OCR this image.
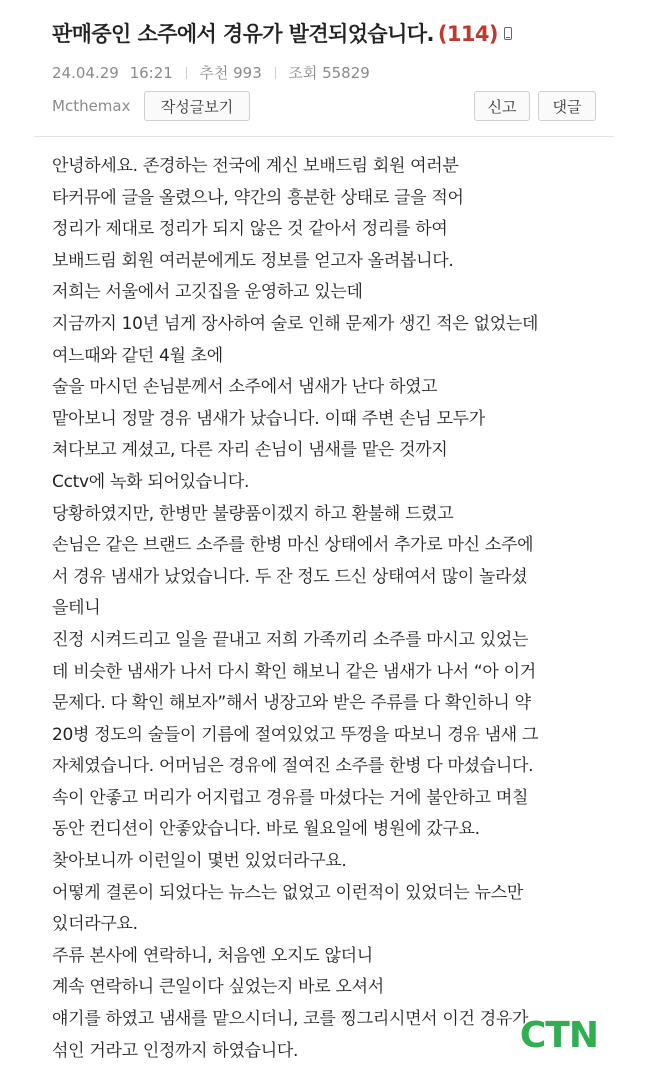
판매중인 소주에서 경유가 발견되었습니다. (114)
24.04.29 16:21 추천 993 조회 55829
Mcthemax	작성글보기	신고	댓글
안녕하세요. 존경하는 전국에 계신 보배드림 회원 여러분
타커뮤에 글을 올렸으나, 약간의 흥분한 상태로 글을 적어
정리가 제대로 정리가 되지 않은 것 같아서 정리를 하여
보배드림 회원 여러분에게도 정보를 얻고자 올려봅니다.
저희는 서울에서 고깃집을 운영하고 있는데
지금까지 10년 넘게 장사하여 술로 인해 문제가 생긴 적은 없었는데
여느때와 같던 4월 초에
술을 마시던 손님분께서 소주에서 냄새가 난다 하였고
맡아보니 정말 경유 냄새가 났습니다. 이때 주변 손님 모두가
쳐다보고 계셨고, 다른 자리 손님이 냄새를 맡은 것까지
Cctv에 녹화 되어있습니다.
당황하였지만, 한병만 불량품이겠지 하고 환불해 드렸고
손님은 같은 브랜드 소주를 한병 마신 상태에서 추가로 마신 소주에
서 경유 냄새가 났었습니다. 두 잔 정도 드신 상태여서 많이 놀라셨
을테니
진정 시켜드리고 일을 끝내고 저희 가족끼리 소주를 마시고 있었는
데 비슷한 냄새가 나서 다시 확인 해보니 같은 냄새가 나서 “아 이거
문제다. 다 확인 해보자”해서 냉장고와 받은 주류를 다 확인하니 약
20병 정도의 술들이 기름에 절여있었고 뚜껑을 따보니 경유 냄새 그
자체였습니다. 어머님은 경유에 절여진 소주를 한병 다 마셨습니다.
속이 안좋고 머리가 어지럽고 경유를 마셨다는 거에 불안하고 며칠
동안 컨디션이 안좋았습니다. 바로 월요일에 병원에 갔구요.
찾아보니까 이런일이 몇번 있었더라구요.
어떻게 결론이 되었다는 뉴스는 없었고 이런적이 있었더는 뉴스만
있더라구요.
주류 본사에 연락하니, 처음엔 오지도 않더니
계속 연락하니 큰일이다 싶었는지 바로 오셔서
얘기를 하였고 냄새를 맡으시더니, 코를 찡그리시면서 이건 경유가
섞인 거라고 인정까지 하였습니다.	CTN
